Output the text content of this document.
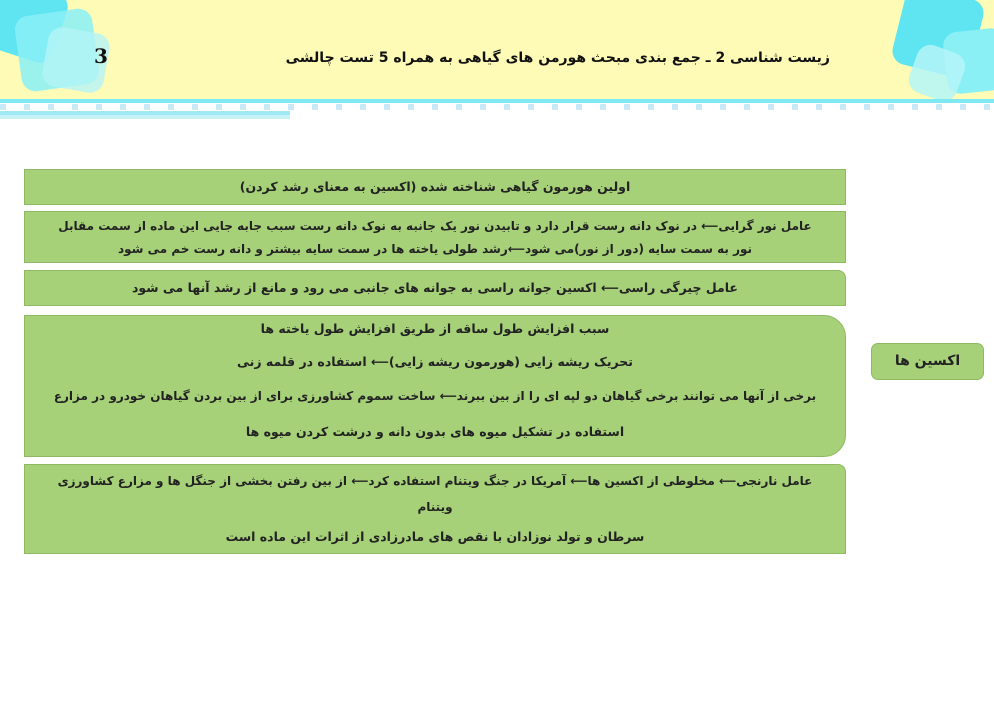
3	زیست شناسی 2 ـ جمع بندی مبحث هورمن های گیاهی به همراه 5 تست چالشی

اولین هورمون گیاهی شناخته شده (اکسین به معنای رشد کردن)

عامل نور گرایی⟵ در نوک دانه رست قرار دارد و تابیدن نور یک جانبه به نوک دانه رست سبب جابه جایی این ماده از سمت مقابل

نور به سمت سایه (دور از نور)می شود⟵رشد طولی یاخته ها در سمت سایه بیشتر و دانه رست خم می شود

عامل چیرگی راسی⟵ اکسین جوانه راسی به جوانه های جانبی می رود و مانع از رشد آنها می شود

سبب افزایش طول ساقه از طریق افزایش طول یاخته ها

تحریک ریشه زایی (هورمون ریشه زایی)⟵ استفاده در قلمه زنی

برخی از آنها می توانند برخی گیاهان دو لپه ای را از بین ببرند⟵ ساخت سموم کشاورزی برای از بین بردن گیاهان خودرو در مزارع

استفاده در تشکیل میوه های بدون دانه و درشت کردن میوه ها

عامل نارنجی⟵ مخلوطی از اکسین ها⟵ آمریکا در جنگ ویتنام استفاده کرد⟵ از بین رفتن بخشی از جنگل ها و مزارع کشاورزی

ویتنام

سرطان و تولد نوزادان با نقص های مادرزادی از اثرات این ماده است

اکسین ها
